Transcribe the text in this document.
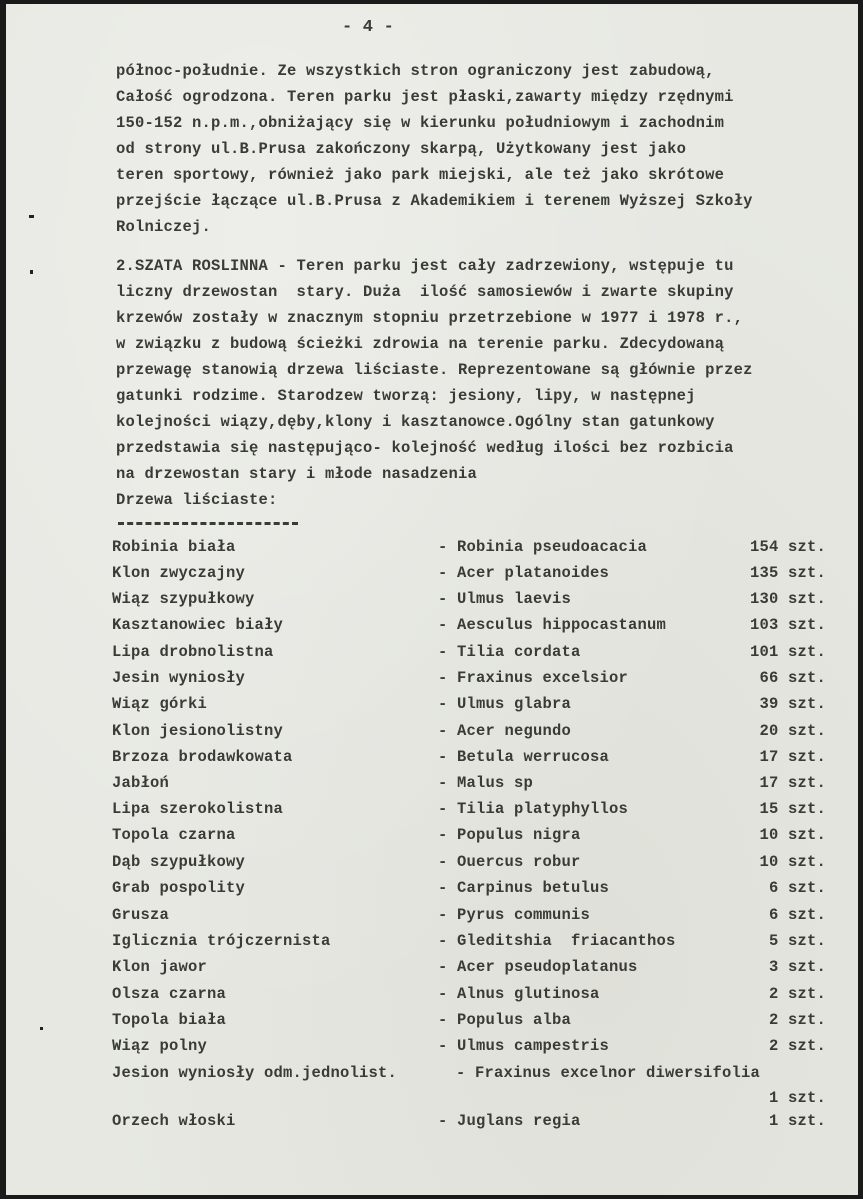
- 4 -
północ-południe. Ze wszystkich stron ograniczony jest zabudową,
Całość ogrodzona. Teren parku jest płaski,zawarty między rzędnymi
150-152 n.p.m.,obniżający się w kierunku południowym i zachodnim
od strony ul.B.Prusa zakończony skarpą, Użytkowany jest jako
teren sportowy, również jako park miejski, ale też jako skrótowe
przejście łączące ul.B.Prusa z Akademikiem i terenem Wyższej Szkoły
Rolniczej.
2.SZATA ROSLINNA - Teren parku jest cały zadrzewiony, wstępuje tu
liczny drzewostan  stary. Duża  ilość samosiewów i zwarte skupiny
krzewów zostały w znacznym stopniu przetrzebione w 1977 i 1978 r.,
w związku z budową ścieżki zdrowia na terenie parku. Zdecydowaną
przewagę stanowią drzewa liściaste. Reprezentowane są głównie przez
gatunki rodzime. Starodzew tworzą: jesiony, lipy, w następnej
kolejności wiązy,dęby,klony i kasztanowce.Ogólny stan gatunkowy
przedstawia się następująco- kolejność według ilości bez rozbicia
na drzewostan stary i młode nasadzenia
Drzewa liściaste:
Robinia biała	- Robinia pseudoacacia	154 szt.
Klon zwyczajny	- Acer platanoides	135 szt.
Wiąz szypułkowy	- Ulmus laevis	130 szt.
Kasztanowiec biały	- Aesculus hippocastanum	103 szt.
Lipa drobnolistna	- Tilia cordata	101 szt.
Jesin wyniosły	- Fraxinus excelsior	66 szt.
Wiąz górki	- Ulmus glabra	39 szt.
Klon jesionolistny	- Acer negundo	20 szt.
Brzoza brodawkowata	- Betula werrucosa	17 szt.
Jabłoń	- Malus sp	17 szt.
Lipa szerokolistna	- Tilia platyphyllos	15 szt.
Topola czarna	- Populus nigra	10 szt.
Dąb szypułkowy	- Ouercus robur	10 szt.
Grab pospolity	- Carpinus betulus	6 szt.
Grusza	- Pyrus communis	6 szt.
Iglicznia trójczernista	- Gleditshia  friacanthos	5 szt.
Klon jawor	- Acer pseudoplatanus	3 szt.
Olsza czarna	- Alnus glutinosa	2 szt.
Topola biała	- Populus alba	2 szt.
Wiąz polny	- Ulmus campestris	2 szt.
Jesion wyniosły odm.jednolist.	- Fraxinus excelnor diwersifolia
1 szt.
Orzech włoski	- Juglans regia	1 szt.
